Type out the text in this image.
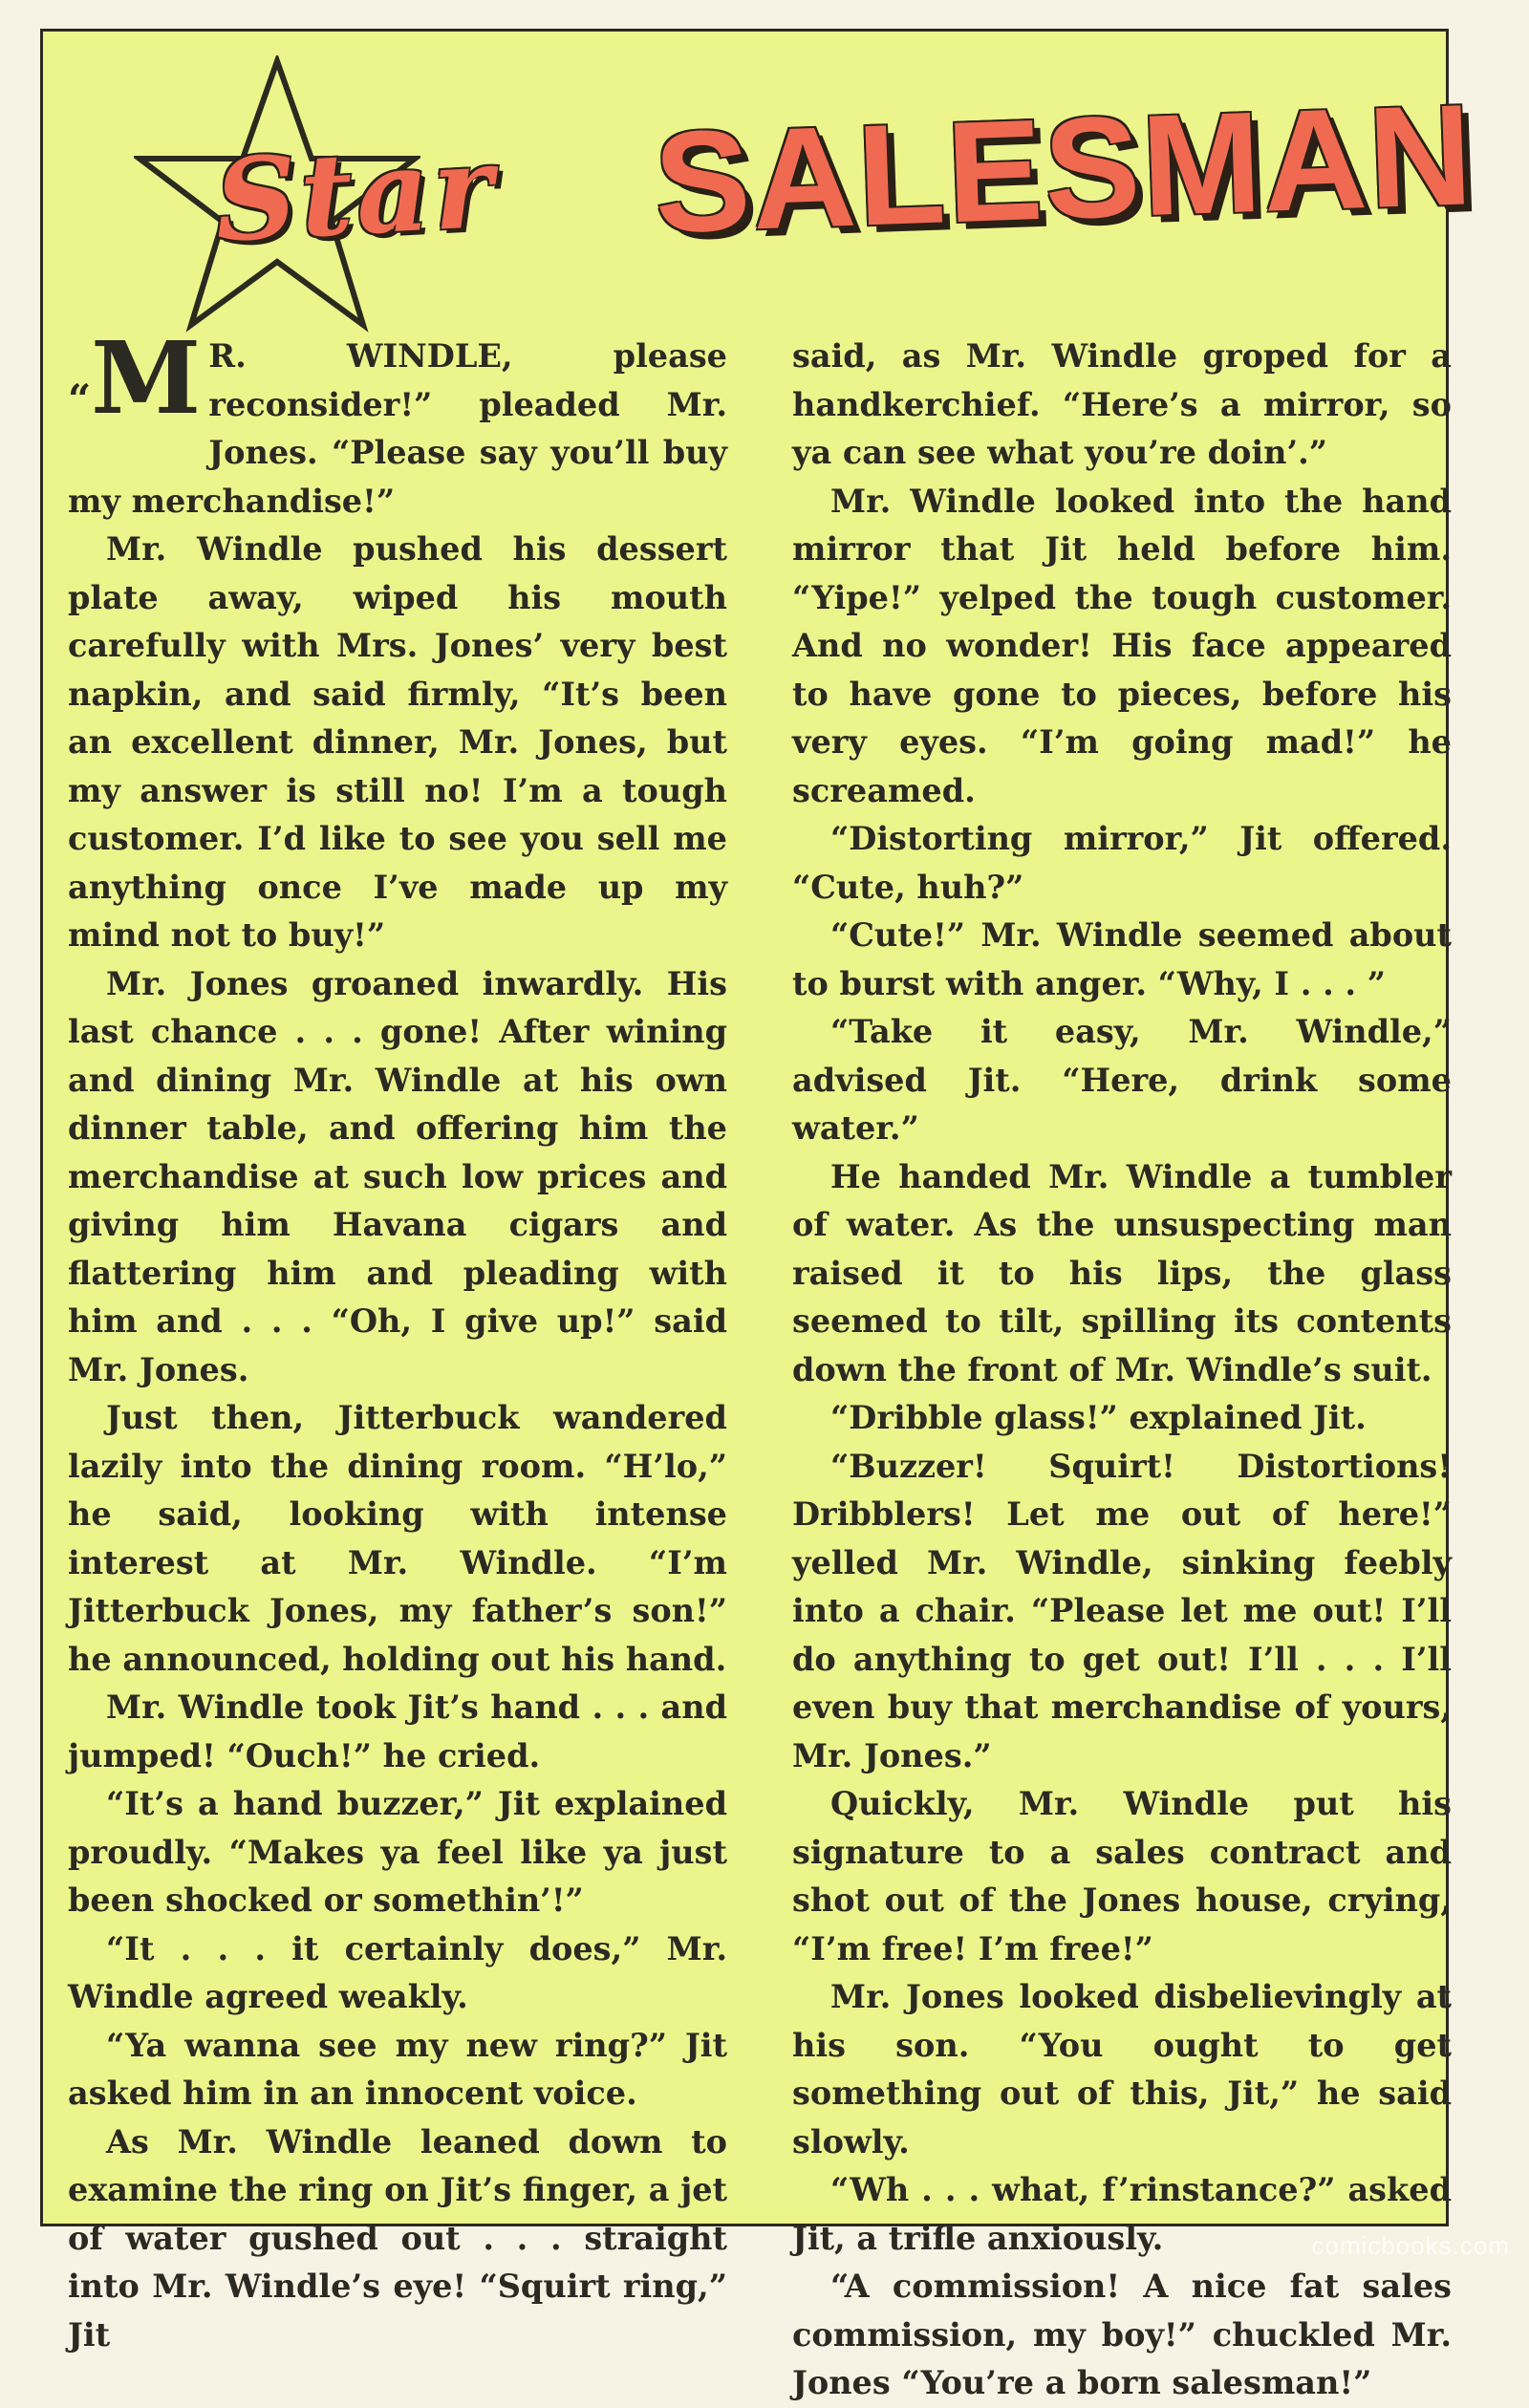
Star SALESMAN

“M R. WINDLE, please reconsider!” pleaded Mr. Jones. “Please say you’ll buy my merchandise!”

Mr. Windle pushed his dessert plate away, wiped his mouth carefully with Mrs. Jones’ very best napkin, and said firmly, “It’s been an excellent dinner, Mr. Jones, but my answer is still no! I’m a tough customer. I’d like to see you sell me anything once I’ve made up my mind not to buy!”

Mr. Jones groaned inwardly. His last chance . . . gone! After wining and dining Mr. Windle at his own dinner table, and offering him the merchandise at such low prices and giving him Havana cigars and flattering him and pleading with him and . . . “Oh, I give up!” said Mr. Jones.

Just then, Jitterbuck wandered lazily into the dining room. “H’lo,” he said, looking with intense interest at Mr. Windle. “I’m Jitterbuck Jones, my father’s son!” he announced, holding out his hand.

Mr. Windle took Jit’s hand . . . and jumped! “Ouch!” he cried.

“It’s a hand buzzer,” Jit explained proudly. “Makes ya feel like ya just been shocked or somethin’!”

“It . . . it certainly does,” Mr. Windle agreed weakly.

“Ya wanna see my new ring?” Jit asked him in an innocent voice.

As Mr. Windle leaned down to examine the ring on Jit’s finger, a jet of water gushed out . . . straight into Mr. Windle’s eye! “Squirt ring,” Jit

said, as Mr. Windle groped for a handkerchief. “Here’s a mirror, so ya can see what you’re doin’.”

Mr. Windle looked into the hand mirror that Jit held before him. “Yipe!” yelped the tough customer. And no wonder! His face appeared to have gone to pieces, before his very eyes. “I’m going mad!” he screamed.

“Distorting mirror,” Jit offered. “Cute, huh?”

“Cute!” Mr. Windle seemed about to burst with anger. “Why, I . . . ”

“Take it easy, Mr. Windle,” advised Jit. “Here, drink some water.”

He handed Mr. Windle a tumbler of water. As the unsuspecting man raised it to his lips, the glass seemed to tilt, spilling its contents down the front of Mr. Windle’s suit.

“Dribble glass!” explained Jit.

“Buzzer! Squirt! Distortions! Dribblers! Let me out of here!” yelled Mr. Windle, sinking feebly into a chair. “Please let me out! I’ll do anything to get out! I’ll . . . I’ll even buy that merchandise of yours, Mr. Jones.”

Quickly, Mr. Windle put his signature to a sales contract and shot out of the Jones house, crying, “I’m free! I’m free!”

Mr. Jones looked disbelievingly at his son. “You ought to get something out of this, Jit,” he said slowly.

“Wh . . . what, f’rinstance?” asked Jit, a trifle anxiously.

“A commission! A nice fat sales commission, my boy!” chuckled Mr. Jones “You’re a born salesman!”

comicbooks.com
